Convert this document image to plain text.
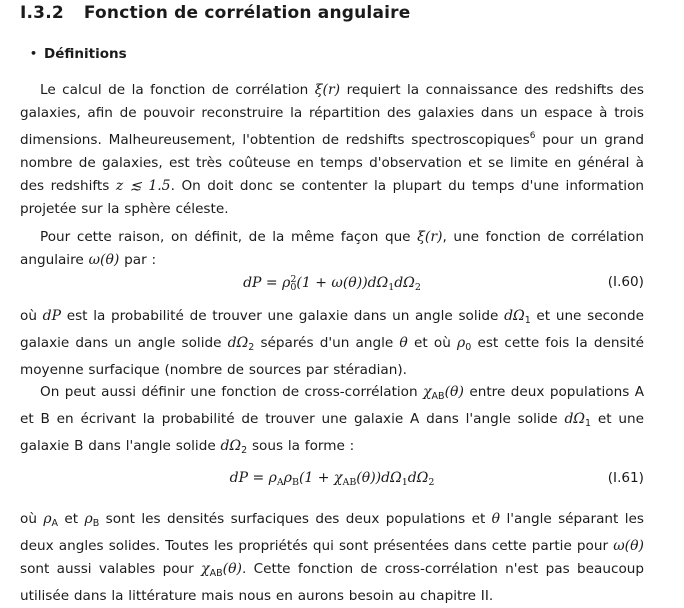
I.3.2 Fonction de corrélation angulaire
• Définitions

Le calcul de la fonction de corrélation ξ(r) requiert la connaissance des redshifts des galaxies, afin de pouvoir reconstruire la répartition des galaxies dans un espace à trois dimensions. Malheureusement, l'obtention de redshifts spectroscopiques$^6$ pour un grand nombre de galaxies, est très coûteuse en temps d'observation et se limite en général à des redshifts z ≲ 1.5. On doit donc se contenter la plupart du temps d'une information projetée sur la sphère céleste.

Pour cette raison, on définit, de la même façon que ξ(r), une fonction de corrélation angulaire ω(θ) par :

dP = $\rho_0^2(1 + \omega(\theta))d\Omega_1d\Omega_2$	(I.60)

où dP est la probabilité de trouver une galaxie dans un angle solide $d\Omega_1$ et une seconde galaxie dans un angle solide $d\Omega_2$ séparés d'un angle θ et où $\rho_0$ est cette fois la densité moyenne surfacique (nombre de sources par stéradian).

On peut aussi définir une fonction de cross-corrélation $\chi_{AB}(\theta)$ entre deux populations A et B en écrivant la probabilité de trouver une galaxie A dans l'angle solide $d\Omega_1$ et une galaxie B dans l'angle solide $d\Omega_2$ sous la forme :

dP = $\rho_A\rho_B(1 + \chi_{AB}(\theta))d\Omega_1d\Omega_2$	(I.61)

où $\rho_A$ et $\rho_B$ sont les densités surfaciques des deux populations et θ l'angle séparant les deux angles solides. Toutes les propriétés qui sont présentées dans cette partie pour ω(θ) sont aussi valables pour $\chi_{AB}(\theta)$. Cette fonction de cross-corrélation n'est pas beaucoup utilisée dans la littérature mais nous en aurons besoin au chapitre II.
